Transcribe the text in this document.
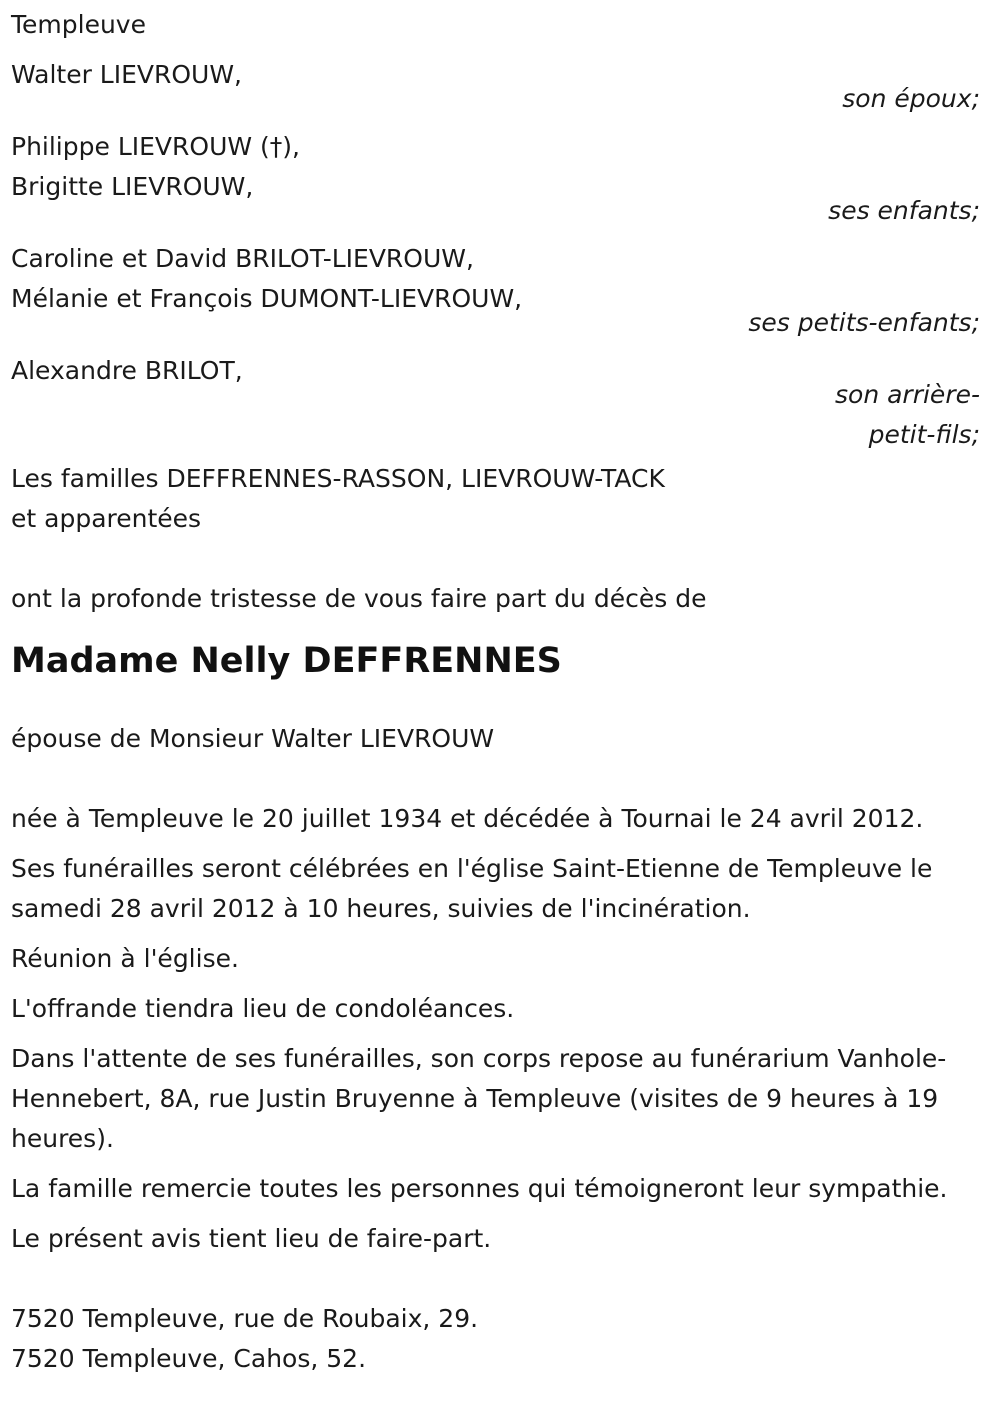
Templeuve
Walter LIEVROUW,
son époux;
Philippe LIEVROUW (†),
Brigitte LIEVROUW,
ses enfants;
Caroline et David BRILOT-LIEVROUW,
Mélanie et François DUMONT-LIEVROUW,
ses petits-enfants;
Alexandre BRILOT,
son arrière-
petit-fils;
Les familles DEFFRENNES-RASSON, LIEVROUW-TACK
et apparentées
ont la profonde tristesse de vous faire part du décès de
Madame Nelly DEFFRENNES
épouse de Monsieur Walter LIEVROUW
née à Templeuve le 20 juillet 1934 et décédée à Tournai le 24 avril 2012.
Ses funérailles seront célébrées en l'église Saint-Etienne de Templeuve le samedi 28 avril 2012 à 10 heures, suivies de l'incinération.
Réunion à l'église.
L'offrande tiendra lieu de condoléances.
Dans l'attente de ses funérailles, son corps repose au funérarium Vanhole-Hennebert, 8A, rue Justin Bruyenne à Templeuve (visites de 9 heures à 19 heures).
La famille remercie toutes les personnes qui témoigneront leur sympathie.
Le présent avis tient lieu de faire-part.
7520 Templeuve, rue de Roubaix, 29.
7520 Templeuve, Cahos, 52.
